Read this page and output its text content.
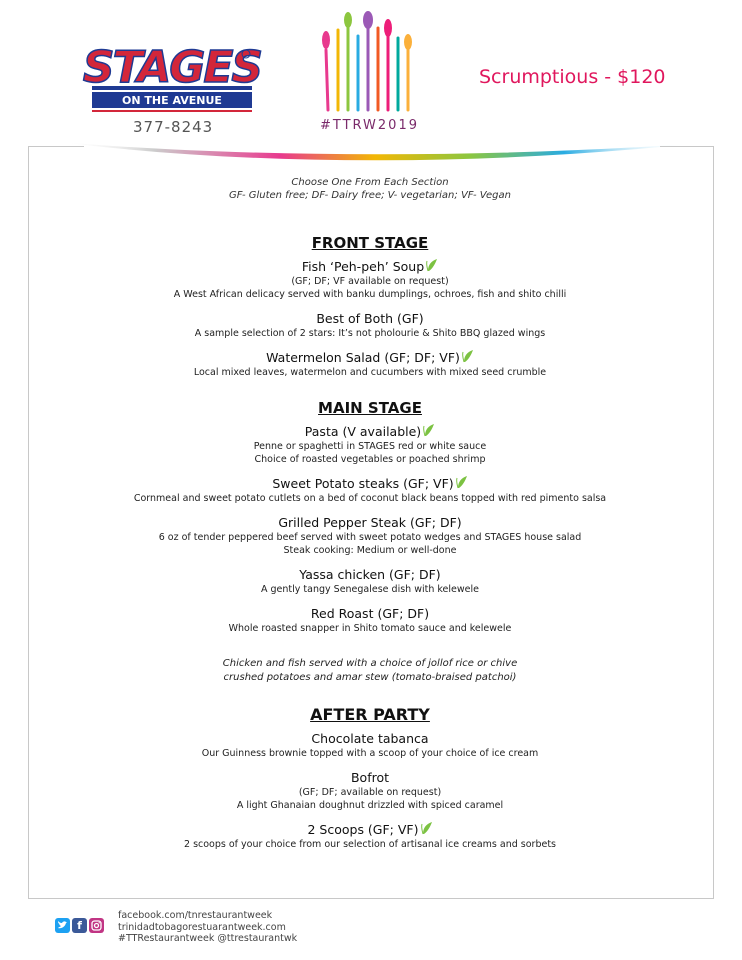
STAGES
ON THE AVENUE
377-8243	#TTRW2019
Scrumptious - $120
Choose One From Each Section
GF- Gluten free; DF- Dairy free; V- vegetarian; VF- Vegan
FRONT STAGE
Fish ‘Peh-peh’ Soup
(GF; DF; VF available on request)
A West African delicacy served with banku dumplings, ochroes, fish and shito chilli
Best of Both (GF)
A sample selection of 2 stars: It’s not pholourie & Shito BBQ glazed wings
Watermelon Salad (GF; DF; VF)
Local mixed leaves, watermelon and cucumbers with mixed seed crumble
MAIN STAGE
Pasta (V available)
Penne or spaghetti in STAGES red or white sauce
Choice of roasted vegetables or poached shrimp
Sweet Potato steaks (GF; VF)
Cornmeal and sweet potato cutlets on a bed of coconut black beans topped with red pimento salsa
Grilled Pepper Steak (GF; DF)
6 oz of tender peppered beef served with sweet potato wedges and STAGES house salad
Steak cooking: Medium or well-done
Yassa chicken (GF; DF)
A gently tangy Senegalese dish with kelewele
Red Roast (GF; DF)
Whole roasted snapper in Shito tomato sauce and kelewele
Chicken and fish served with a choice of jollof rice or chive
crushed potatoes and amar stew (tomato-braised patchoi)
AFTER PARTY
Chocolate tabanca
Our Guinness brownie topped with a scoop of your choice of ice cream
Bofrot
(GF; DF; available on request)
A light Ghanaian doughnut drizzled with spiced caramel
2 Scoops (GF; VF)
2 scoops of your choice from our selection of artisanal ice creams and sorbets
f
facebook.com/tnrestaurantweek
trinidadtobagorestuarantweek.com
#TTRestaurantweek @ttrestaurantwk
